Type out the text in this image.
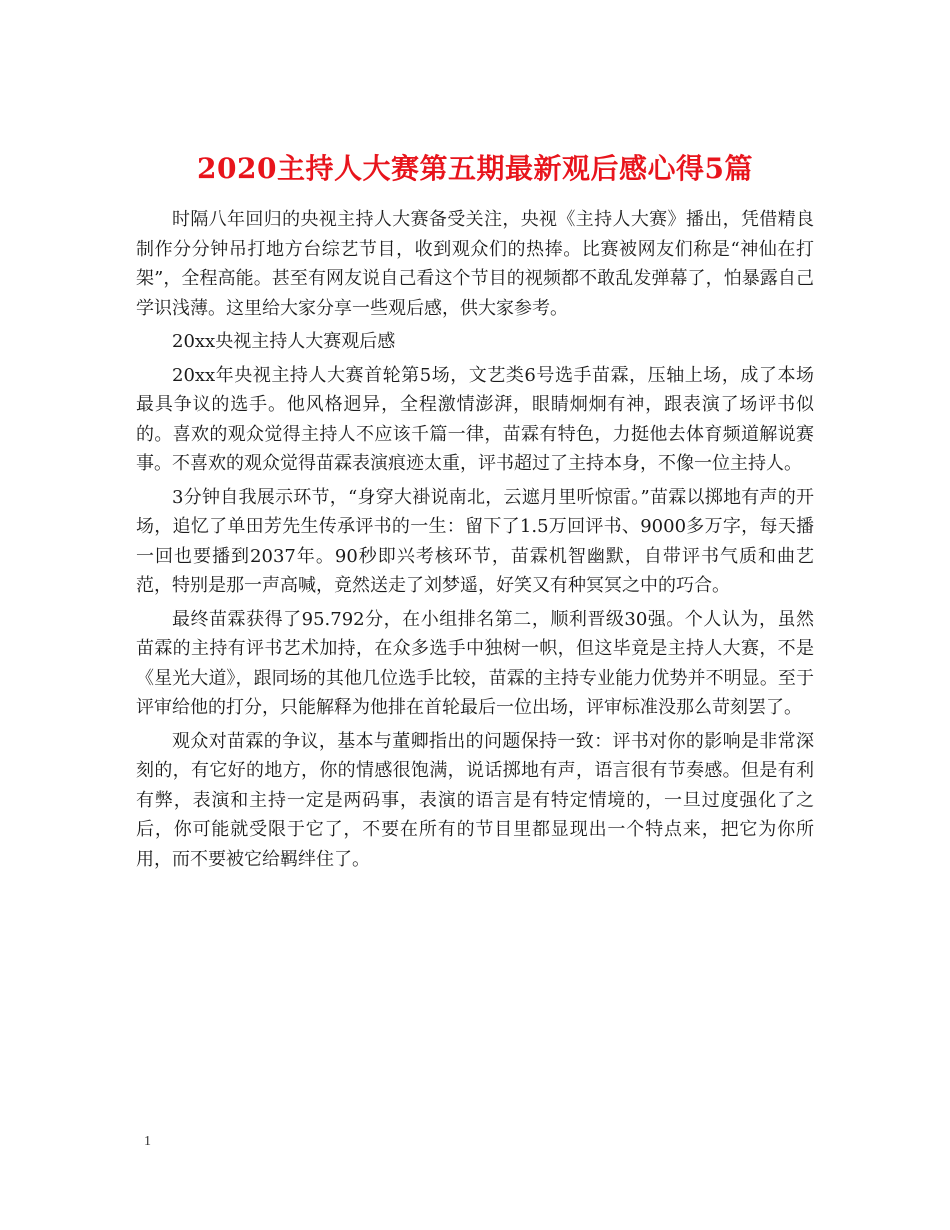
2020主持人大赛第五期最新观后感心得5篇

时隔八年回归的央视主持人大赛备受关注，央视《主持人大赛》播出，凭借精良制作分分钟吊打地方台综艺节目，收到观众们的热捧。比赛被网友们称是“神仙在打架”，全程高能。甚至有网友说自己看这个节目的视频都不敢乱发弹幕了，怕暴露自己学识浅薄。这里给大家分享一些观后感，供大家参考。

20xx央视主持人大赛观后感

20xx年央视主持人大赛首轮第5场，文艺类6号选手苗霖，压轴上场，成了本场最具争议的选手。他风格迥异，全程激情澎湃，眼睛炯炯有神，跟表演了场评书似的。喜欢的观众觉得主持人不应该千篇一律，苗霖有特色，力挺他去体育频道解说赛事。不喜欢的观众觉得苗霖表演痕迹太重，评书超过了主持本身，不像一位主持人。

3分钟自我展示环节，“身穿大褂说南北，云遮月里听惊雷。”苗霖以掷地有声的开场，追忆了单田芳先生传承评书的一生：留下了1.5万回评书、9000多万字，每天播一回也要播到2037年。90秒即兴考核环节，苗霖机智幽默，自带评书气质和曲艺范，特别是那一声高喊，竟然送走了刘梦遥，好笑又有种冥冥之中的巧合。

最终苗霖获得了95.792分，在小组排名第二，顺利晋级30强。个人认为，虽然苗霖的主持有评书艺术加持，在众多选手中独树一帜，但这毕竟是主持人大赛，不是《星光大道》，跟同场的其他几位选手比较，苗霖的主持专业能力优势并不明显。至于评审给他的打分，只能解释为他排在首轮最后一位出场，评审标准没那么苛刻罢了。

观众对苗霖的争议，基本与董卿指出的问题保持一致：评书对你的影响是非常深刻的，有它好的地方，你的情感很饱满，说话掷地有声，语言很有节奏感。但是有利有弊，表演和主持一定是两码事，表演的语言是有特定情境的，一旦过度强化了之后，你可能就受限于它了，不要在所有的节目里都显现出一个特点来，把它为你所用，而不要被它给羁绊住了。

1
